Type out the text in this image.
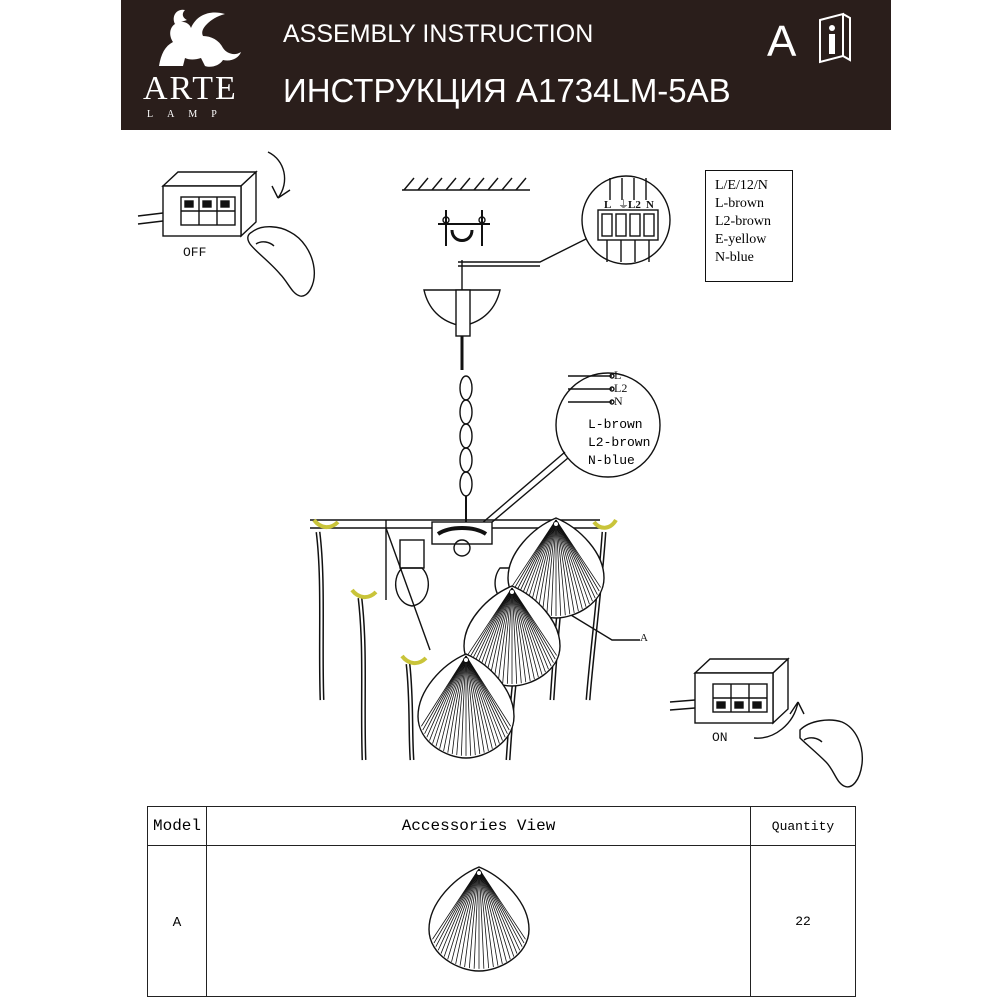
ARTE
LAMP
ASSEMBLY INSTRUCTION
ИНСТРУКЦИЯ A1734LM-5AB
A
OFF
ON
L/E/12/N
L-brown
L2-brown
E-yellow
N-blue
L ⏚ L2 N
L
L2
N
L-brown
L2-brown
N-blue
A
Model	Accessories View	Quantity
A		22
